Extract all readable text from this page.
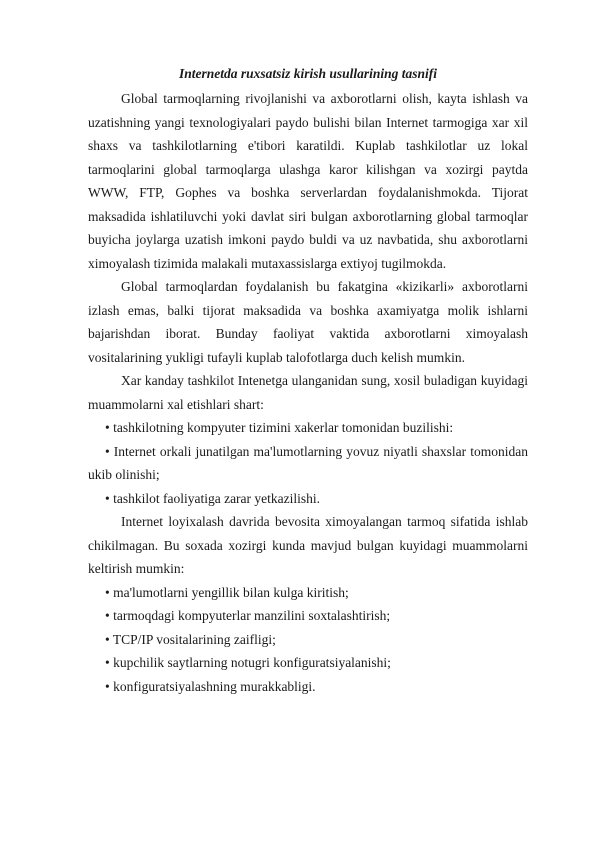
Internetda ruxsatsiz kirish usullarining tasnifi

Global tarmoqlarning rivojlanishi va axborotlarni olish, kayta ishlash va uzatishning yangi texnologiyalari paydo bulishi bilan Internet tarmogiga xar xil shaxs va tashkilotlarning e'tibori karatildi. Kuplab tashkilotlar uz lokal tarmoqlarini global tarmoqlarga ulashga karor kilishgan va xozirgi paytda WWW, FTP, Gophes va boshka serverlardan foydalanishmokda. Tijorat maksadida ishlatiluvchi yoki davlat siri bulgan axborotlarning global tarmoqlar buyicha joylarga uzatish imkoni paydo buldi va uz navbatida, shu axborotlarni ximoyalash tizimida malakali mutaxassislarga extiyoj tugilmokda.

Global tarmoqlardan foydalanish bu fakatgina «kizikarli» axborotlarni izlash emas, balki tijorat maksadida va boshka axamiyatga molik ishlarni bajarishdan iborat. Bunday faoliyat vaktida axborotlarni ximoyalash vositalarining yukligi tufayli kuplab talofotlarga duch kelish mumkin.

Xar kanday tashkilot Intenetga ulanganidan sung, xosil buladigan kuyidagi muammolarni xal etishlari shart:

• tashkilotning kompyuter tizimini xakerlar tomonidan buzilishi:
• Internet orkali junatilgan ma'lumotlarning yovuz niyatli shaxslar tomonidan ukib olinishi;
• tashkilot faoliyatiga zarar yetkazilishi.

Internet loyixalash davrida bevosita ximoyalangan tarmoq sifatida ishlab chikilmagan. Bu soxada xozirgi kunda mavjud bulgan kuyidagi muammolarni keltirish mumkin:

• ma'lumotlarni yengillik bilan kulga kiritish;
• tarmoqdagi kompyuterlar manzilini soxtalashtirish;
• TCP/IP vositalarining zaifligi;
• kupchilik saytlarning notugri konfiguratsiyalanishi;
• konfiguratsiyalashning murakkabligi.
